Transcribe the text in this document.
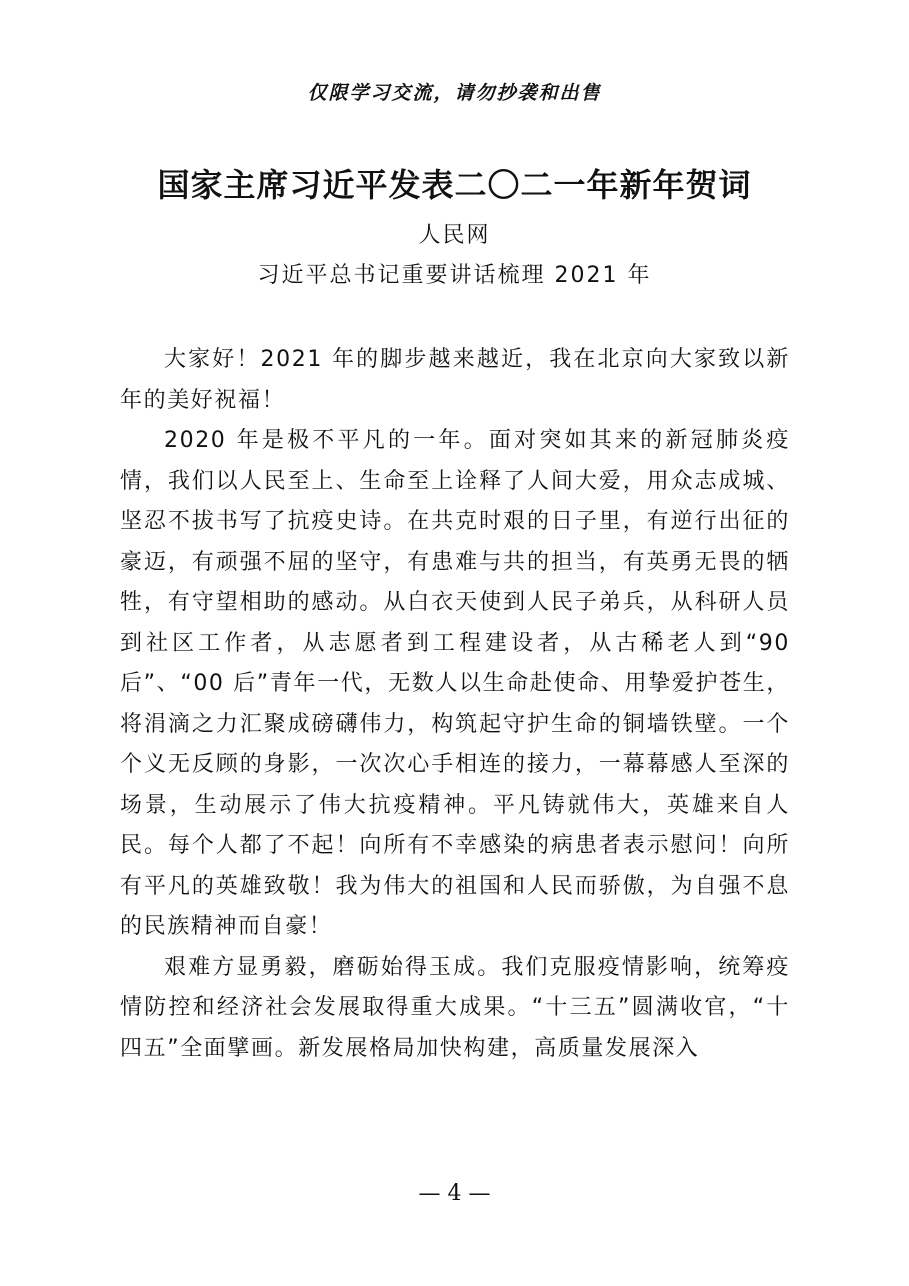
仅限学习交流，请勿抄袭和出售
国家主席习近平发表二〇二一年新年贺词
人民网
习近平总书记重要讲话梳理 2021 年

大家好！2021 年的脚步越来越近，我在北京向大家致以新年的美好祝福！

2020 年是极不平凡的一年。面对突如其来的新冠肺炎疫情，我们以人民至上、生命至上诠释了人间大爱，用众志成城、坚忍不拔书写了抗疫史诗。在共克时艰的日子里，有逆行出征的豪迈，有顽强不屈的坚守，有患难与共的担当，有英勇无畏的牺牲，有守望相助的感动。从白衣天使到人民子弟兵，从科研人员到社区工作者，从志愿者到工程建设者，从古稀老人到“90 后”、“00 后”青年一代，无数人以生命赴使命、用挚爱护苍生，将涓滴之力汇聚成磅礴伟力，构筑起守护生命的铜墙铁壁。一个个义无反顾的身影，一次次心手相连的接力，一幕幕感人至深的场景，生动展示了伟大抗疫精神。平凡铸就伟大，英雄来自人民。每个人都了不起！向所有不幸感染的病患者表示慰问！向所有平凡的英雄致敬！我为伟大的祖国和人民而骄傲，为自强不息的民族精神而自豪！

艰难方显勇毅，磨砺始得玉成。我们克服疫情影响，统筹疫情防控和经济社会发展取得重大成果。“十三五”圆满收官，“十四五”全面擘画。新发展格局加快构建，高质量发展深入

— 4 —
